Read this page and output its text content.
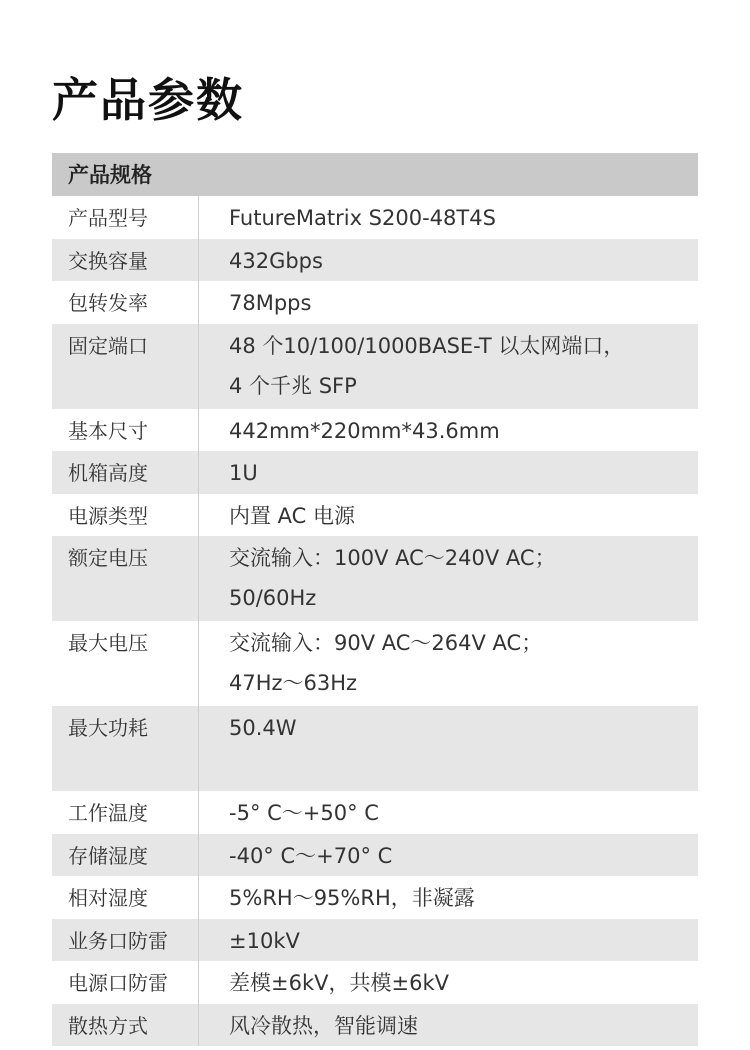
产品参数
产品规格
产品型号	FutureMatrix S200-48T4S
交换容量	432Gbps
包转发率	78Mpps
固定端口	48 个10/100/1000BASE-T 以太网端口，
4 个千兆 SFP
基本尺寸	442mm*220mm*43.6mm
机箱高度	1U
电源类型	内置 AC 电源
额定电压	交流输入：100V AC～240V AC；
50/60Hz
最大电压	交流输入：90V AC～264V AC；
47Hz～63Hz
最大功耗	50.4W
工作温度	-5° C～+50° C
存储湿度	-40° C～+70° C
相对湿度	5%RH～95%RH，非凝露
业务口防雷	±10kV
电源口防雷	差模±6kV，共模±6kV
散热方式	风冷散热，智能调速
